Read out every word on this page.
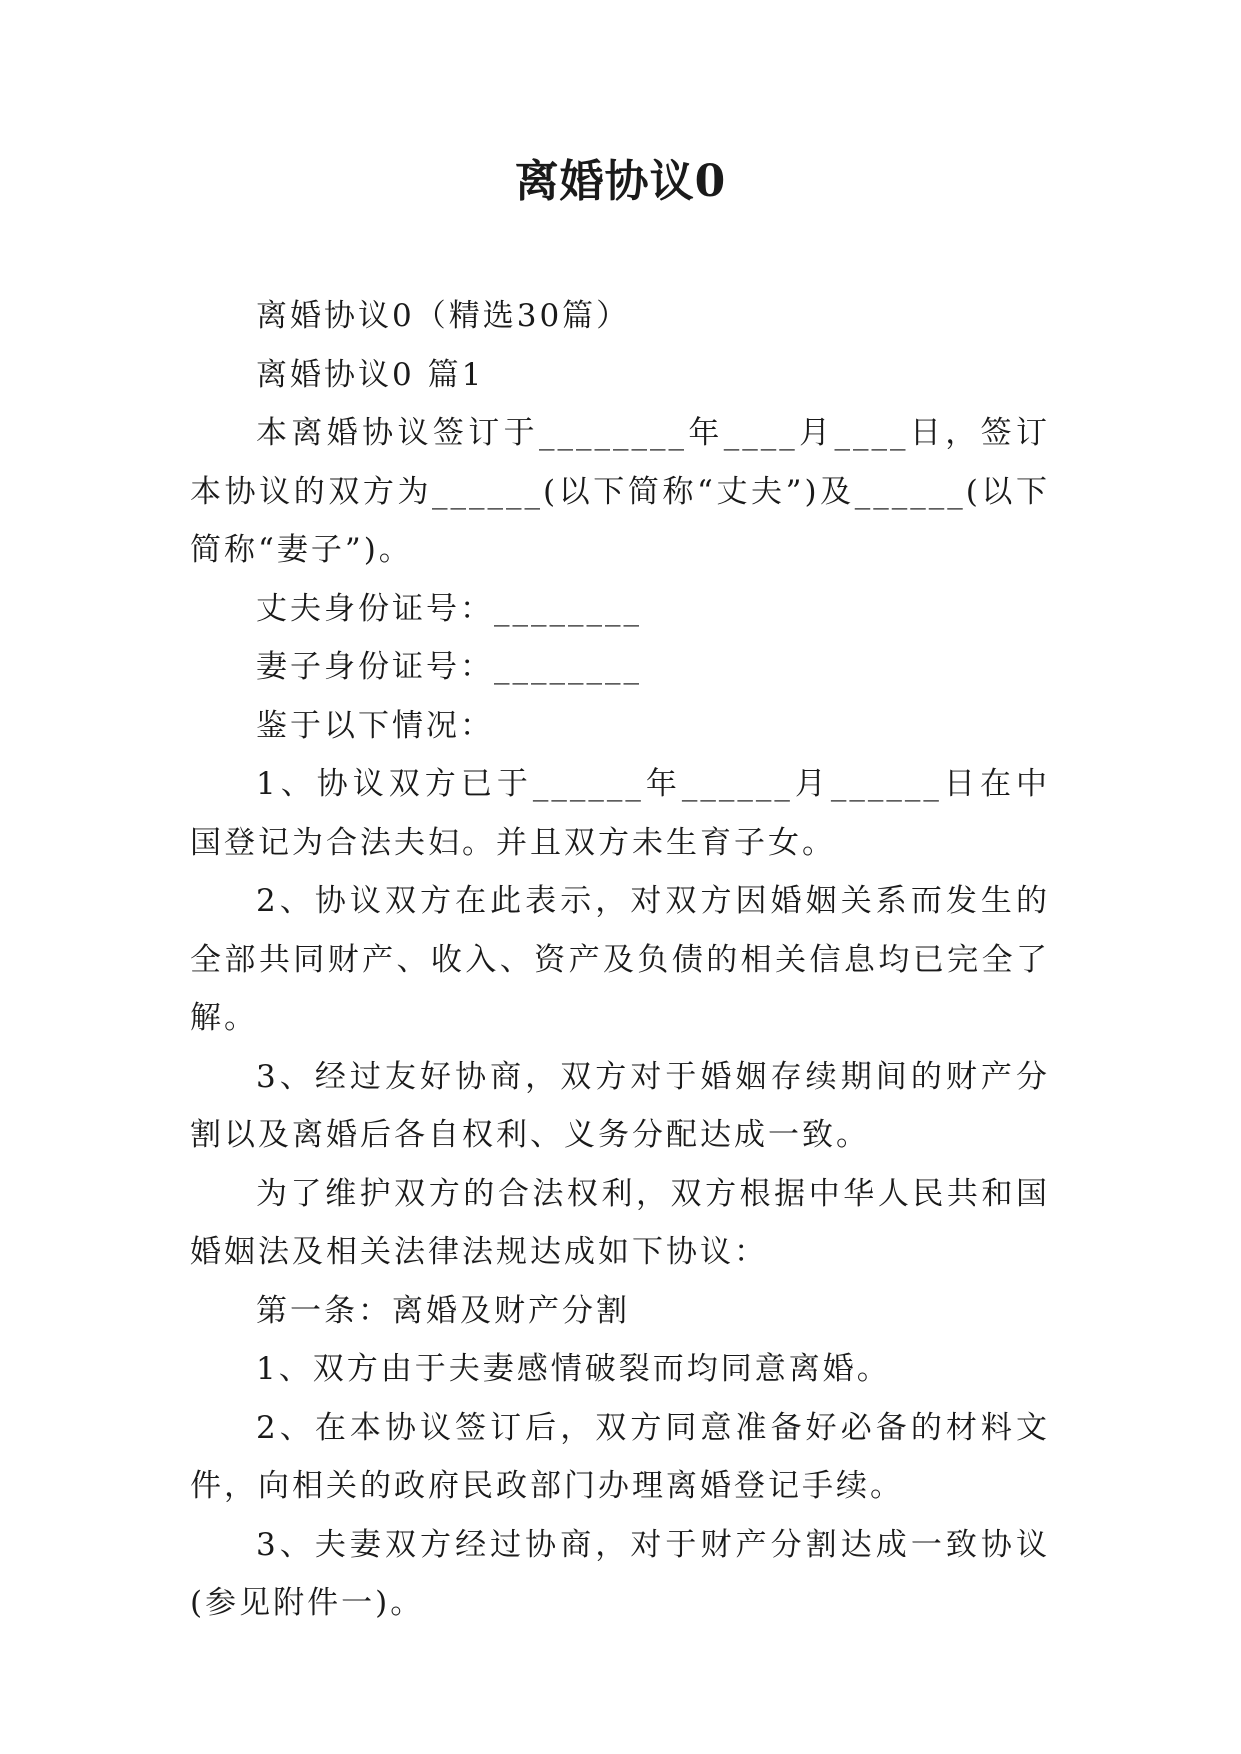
离婚协议0

离婚协议0（精选30篇）

离婚协议0 篇1

本离婚协议签订于________年____月____日，签订本协议的双方为______(以下简称“丈夫”)及______(以下简称“妻子”)。

丈夫身份证号：________

妻子身份证号：________

鉴于以下情况：

1、协议双方已于______年______月______日在中国登记为合法夫妇。并且双方未生育子女。

2、协议双方在此表示，对双方因婚姻关系而发生的全部共同财产、收入、资产及负债的相关信息均已完全了解。

3、经过友好协商，双方对于婚姻存续期间的财产分割以及离婚后各自权利、义务分配达成一致。

为了维护双方的合法权利，双方根据中华人民共和国婚姻法及相关法律法规达成如下协议：

第一条：离婚及财产分割

1、双方由于夫妻感情破裂而均同意离婚。

2、在本协议签订后，双方同意准备好必备的材料文件，向相关的政府民政部门办理离婚登记手续。

3、夫妻双方经过协商，对于财产分割达成一致协议(参见附件一)。
